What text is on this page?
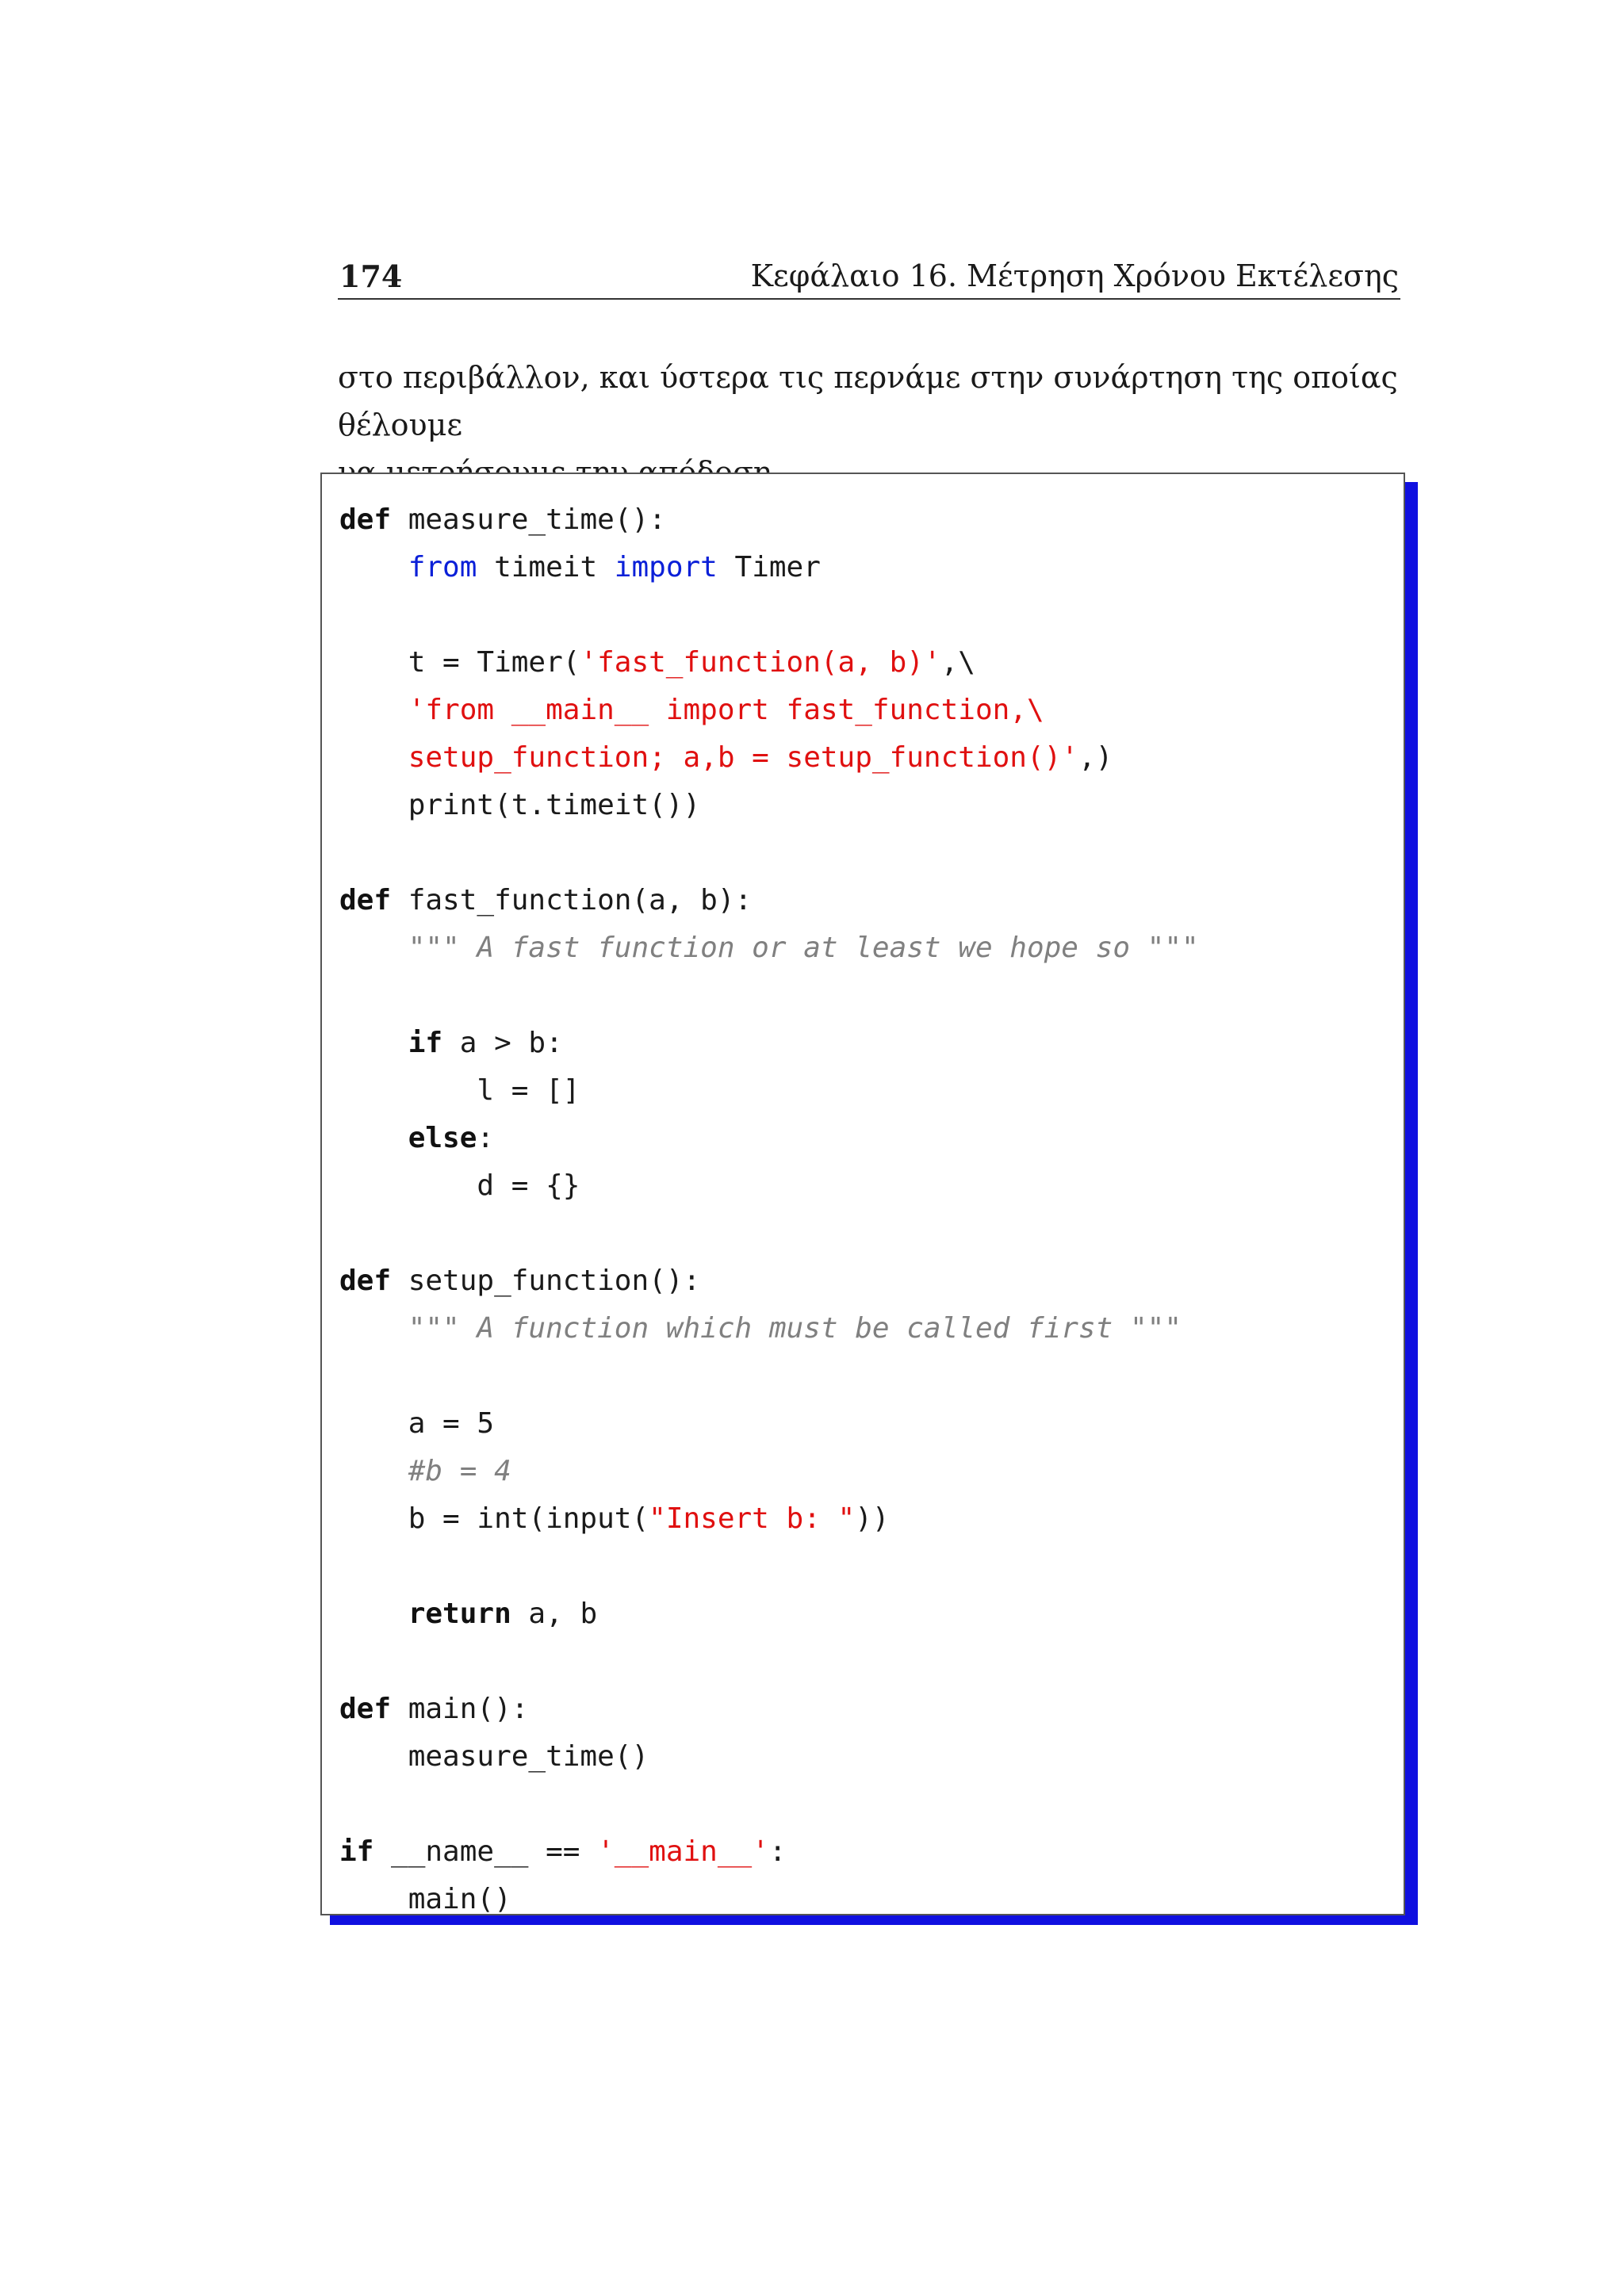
174	Κεφάλαιο 16. Μέτρηση Χρόνου Εκτέλεσης

στο περιβάλλον, και ύστερα τις περνάμε στην συνάρτηση της οποίας θέλουμε

def measure_time():
from timeit import Timer

t = Timer('fast_function(a, b)',\
'from __main__ import fast_function,\
setup_function; a,b = setup_function()',)
print(t.timeit())

def fast_function(a, b):
""" A fast function or at least we hope so """

if a > b:
l = []
else:
d = {}

def setup_function():
""" A function which must be called first """

a = 5
#b = 4
b = int(input("Insert b: "))

return a, b

def main():
measure_time()

if __name__ == '__main__':
main()
